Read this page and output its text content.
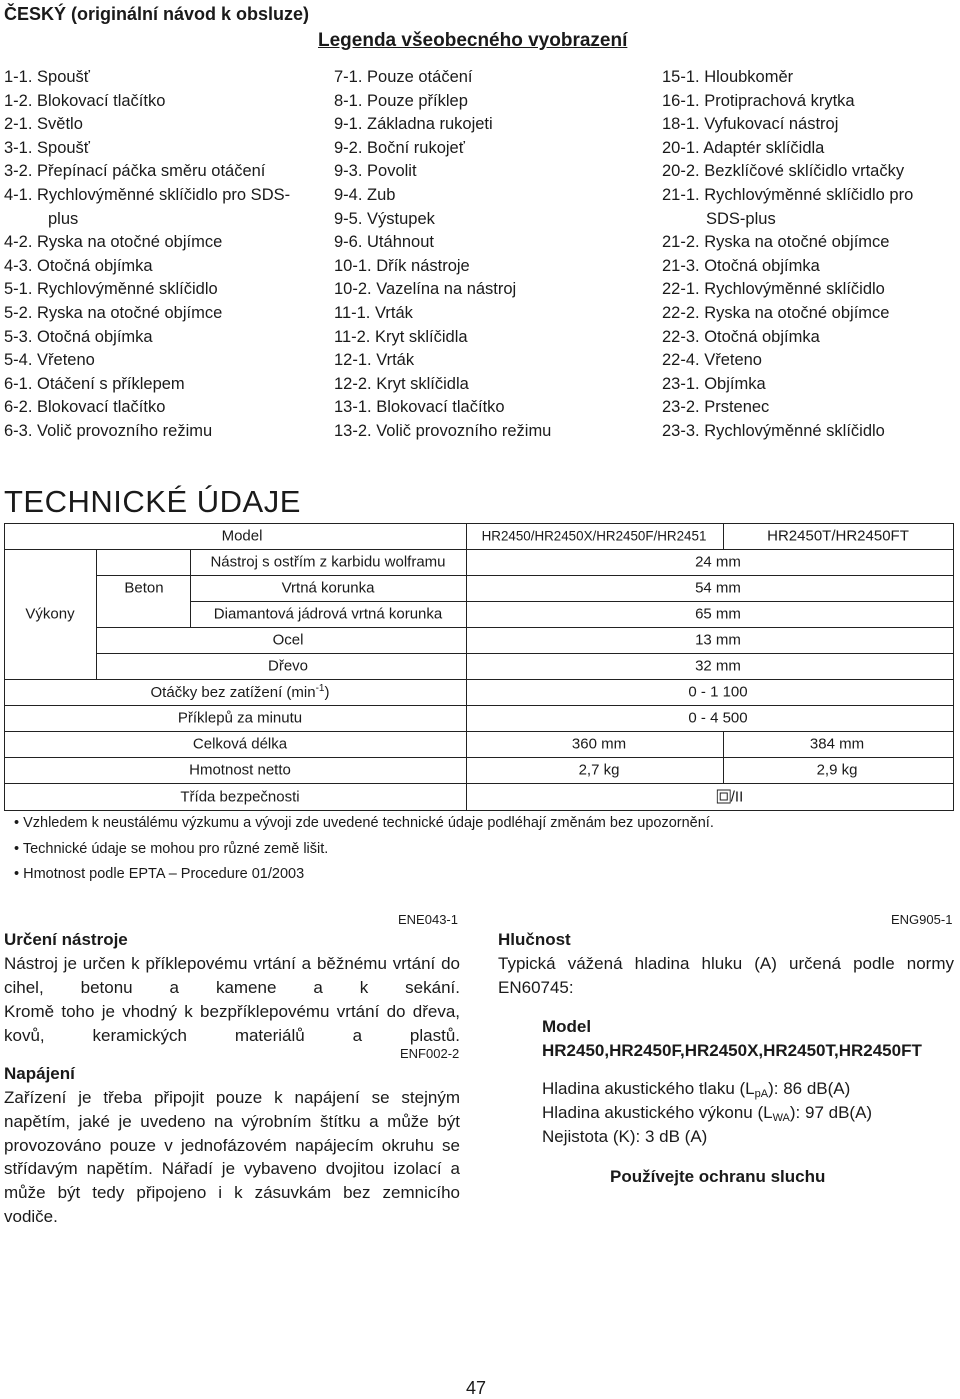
ČESKÝ (originální návod k obsluze)
Legenda všeobecného vyobrazení
1-1. Spoušť
1-2. Blokovací tlačítko
2-1. Světlo
3-1. Spoušť
3-2. Přepínací páčka směru otáčení
4-1. Rychlovýměnné sklíčidlo pro SDS-
plus
4-2. Ryska na otočné objímce
4-3. Otočná objímka
5-1. Rychlovýměnné sklíčidlo
5-2. Ryska na otočné objímce
5-3. Otočná objímka
5-4. Vřeteno
6-1. Otáčení s příklepem
6-2. Blokovací tlačítko
6-3. Volič provozního režimu
7-1. Pouze otáčení
8-1. Pouze příklep
9-1. Základna rukojeti
9-2. Boční rukojeť
9-3. Povolit
9-4. Zub
9-5. Výstupek
9-6. Utáhnout
10-1. Dřík nástroje
10-2. Vazelína na nástroj
11-1. Vrták
11-2. Kryt sklíčidla
12-1. Vrták
12-2. Kryt sklíčidla
13-1. Blokovací tlačítko
13-2. Volič provozního režimu
15-1. Hloubkoměr
16-1. Protiprachová krytka
18-1. Vyfukovací nástroj
20-1. Adaptér sklíčidla
20-2. Bezklíčové sklíčidlo vrtačky
21-1. Rychlovýměnné sklíčidlo pro
SDS-plus
21-2. Ryska na otočné objímce
21-3. Otočná objímka
22-1. Rychlovýměnné sklíčidlo
22-2. Ryska na otočné objímce
22-3. Otočná objímka
22-4. Vřeteno
23-1. Objímka
23-2. Prstenec
23-3. Rychlovýměnné sklíčidlo
TECHNICKÉ ÚDAJE
Model	HR2450/HR2450X/HR2450F/HR2451	HR2450T/HR2450FT
Výkony
Beton
Nástroj s ostřím z karbidu wolframu	24 mm
Vrtná korunka	54 mm
Diamantová jádrová vrtná korunka	65 mm
Ocel	13 mm
Dřevo	32 mm
Otáčky bez zatížení $(\min^{-1})$	0 - 1 100
Příklepů za minutu	0 - 4 500
Celková délka	360 mm	384 mm
Hmotnost netto	2,7 kg	2,9 kg
Třída bezpečnosti	/II
• Vzhledem k neustálému výzkumu a vývoji zde uvedené technické údaje podléhají změnám bez upozornění.
• Technické údaje se mohou pro různé země lišit.
• Hmotnost podle EPTA – Procedure 01/2003
ENE043-1
Určení nástroje
Nástroj je určen k příklepovému vrtání a běžnému vrtání do cihel, betonu a kamene a k sekání.
Kromě toho je vhodný k bezpříklepovému vrtání do dřeva, kovů, keramických materiálů a plastů.
ENF002-2
Napájení
Zařízení je třeba připojit pouze k napájení se stejným napětím, jaké je uvedeno na výrobním štítku a může být provozováno pouze v jednofázovém napájecím okruhu se střídavým napětím. Nářadí je vybaveno dvojitou izolací a může být tedy připojeno i k zásuvkám bez zemnicího vodiče.
ENG905-1
Hlučnost
Typická vážená hladina hluku (A) určená podle normy EN60745:
Model
HR2450,HR2450F,HR2450X,HR2450T,HR2450FT
Hladina akustického tlaku $(L_{pA})$: 86 dB(A)
Hladina akustického výkonu $(L_{WA})$: 97 dB(A)
Nejistota (K): 3 dB (A)
Používejte ochranu sluchu
47
